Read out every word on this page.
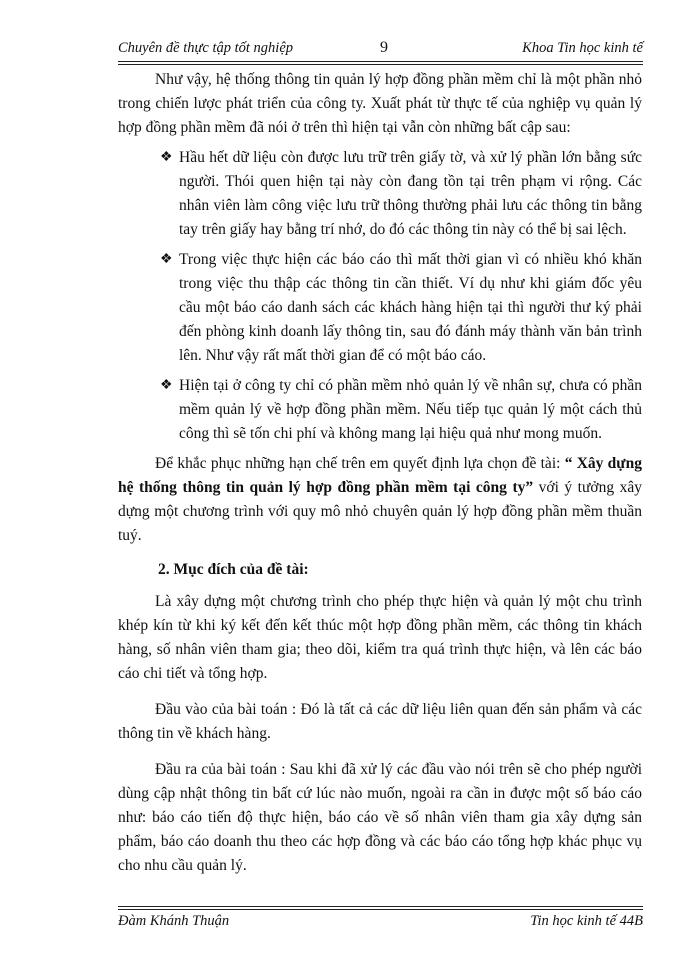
Chuyên đề thực tập tốt nghiệp	9	Khoa Tin học kinh tế

Như vậy, hệ thống thông tin quản lý hợp đồng phần mềm chỉ là một phần nhỏ trong chiến lược phát triển của công ty. Xuất phát từ thực tế của nghiệp vụ quản lý hợp đồng phần mềm đã nói ở trên thì hiện tại vẫn còn những bất cập sau:

❖ Hầu hết dữ liệu còn được lưu trữ trên giấy tờ, và xử lý phần lớn bằng sức người. Thói quen hiện tại này còn đang tồn tại trên phạm vi rộng. Các nhân viên làm công việc lưu trữ thông thường phải lưu các thông tin bằng tay trên giấy hay bằng trí nhớ, do đó các thông tin này có thể bị sai lệch.
❖ Trong việc thực hiện các báo cáo thì mất thời gian vì có nhiều khó khăn trong việc thu thập các thông tin cần thiết. Ví dụ như khi giám đốc yêu cầu một báo cáo danh sách các khách hàng hiện tại thì người thư ký phải đến phòng kinh doanh lấy thông tin, sau đó đánh máy thành văn bản trình lên. Như vậy rất mất thời gian để có một báo cáo.
❖ Hiện tại ở công ty chỉ có phần mềm nhỏ quản lý về nhân sự, chưa có phần mềm quản lý về hợp đồng phần mềm. Nếu tiếp tục quản lý một cách thủ công thì sẽ tốn chi phí và không mang lại hiệu quả như mong muốn.

Để khắc phục những hạn chế trên em quyết định lựa chọn đề tài: “ Xây dựng hệ thống thông tin quản lý hợp đồng phần mềm tại công ty” với ý tưởng xây dựng một chương trình với quy mô nhỏ chuyên quản lý hợp đồng phần mềm thuần tuý.

2. Mục đích của đề tài:

Là xây dựng một chương trình cho phép thực hiện và quản lý một chu trình khép kín từ khi ký kết đến kết thúc một hợp đồng phần mềm, các thông tin khách hàng, số nhân viên tham gia; theo dõi, kiểm tra quá trình thực hiện, và lên các báo cáo chi tiết và tổng hợp.

Đầu vào của bài toán : Đó là tất cả các dữ liệu liên quan đến sản phẩm và các thông tin về khách hàng.

Đầu ra của bài toán : Sau khi đã xử lý các đầu vào nói trên sẽ cho phép người dùng cập nhật thông tin bất cứ lúc nào muốn, ngoài ra cần in được một số báo cáo như: báo cáo tiến độ thực hiện, báo cáo về số nhân viên tham gia xây dựng sản phẩm, báo cáo doanh thu theo các hợp đồng và các báo cáo tổng hợp khác phục vụ cho nhu cầu quản lý.

Đàm Khánh Thuận	Tin học kinh tế 44B
